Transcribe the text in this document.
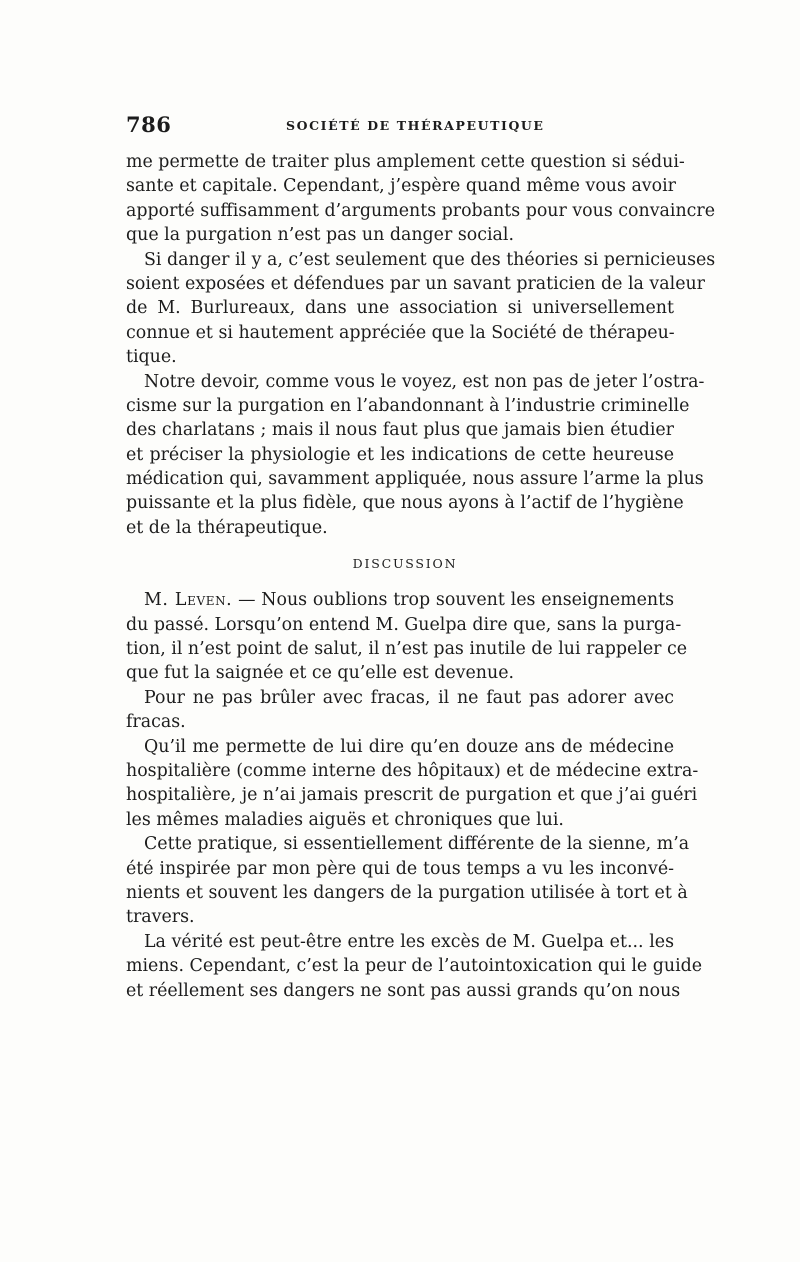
786	SOCIÉTÉ DE THÉRAPEUTIQUE
me permette de traiter plus amplement cette question si sédui-
sante et capitale. Cependant, j’espère quand même vous avoir
apporté suffisamment d’arguments probants pour vous convaincre
que la purgation n’est pas un danger social.
Si danger il y a, c’est seulement que des théories si pernicieuses
soient exposées et défendues par un savant praticien de la valeur
de M. Burlureaux, dans une association si universellement
connue et si hautement appréciée que la Société de thérapeu-
tique.
Notre devoir, comme vous le voyez, est non pas de jeter l’ostra-
cisme sur la purgation en l’abandonnant à l’industrie criminelle
des charlatans ; mais il nous faut plus que jamais bien étudier
et préciser la physiologie et les indications de cette heureuse
médication qui, savamment appliquée, nous assure l’arme la plus
puissante et la plus fidèle, que nous ayons à l’actif de l’hygiène
et de la thérapeutique.
DISCUSSION
M. Leven. — Nous oublions trop souvent les enseignements
du passé. Lorsqu’on entend M. Guelpa dire que, sans la purga-
tion, il n’est point de salut, il n’est pas inutile de lui rappeler ce
que fut la saignée et ce qu’elle est devenue.
Pour ne pas brûler avec fracas, il ne faut pas adorer avec
fracas.
Qu’il me permette de lui dire qu’en douze ans de médecine
hospitalière (comme interne des hôpitaux) et de médecine extra-
hospitalière, je n’ai jamais prescrit de purgation et que j’ai guéri
les mêmes maladies aiguës et chroniques que lui.
Cette pratique, si essentiellement différente de la sienne, m’a
été inspirée par mon père qui de tous temps a vu les inconvé-
nients et souvent les dangers de la purgation utilisée à tort et à
travers.
La vérité est peut-être entre les excès de M. Guelpa et... les
miens. Cependant, c’est la peur de l’autointoxication qui le guide
et réellement ses dangers ne sont pas aussi grands qu’on nous
